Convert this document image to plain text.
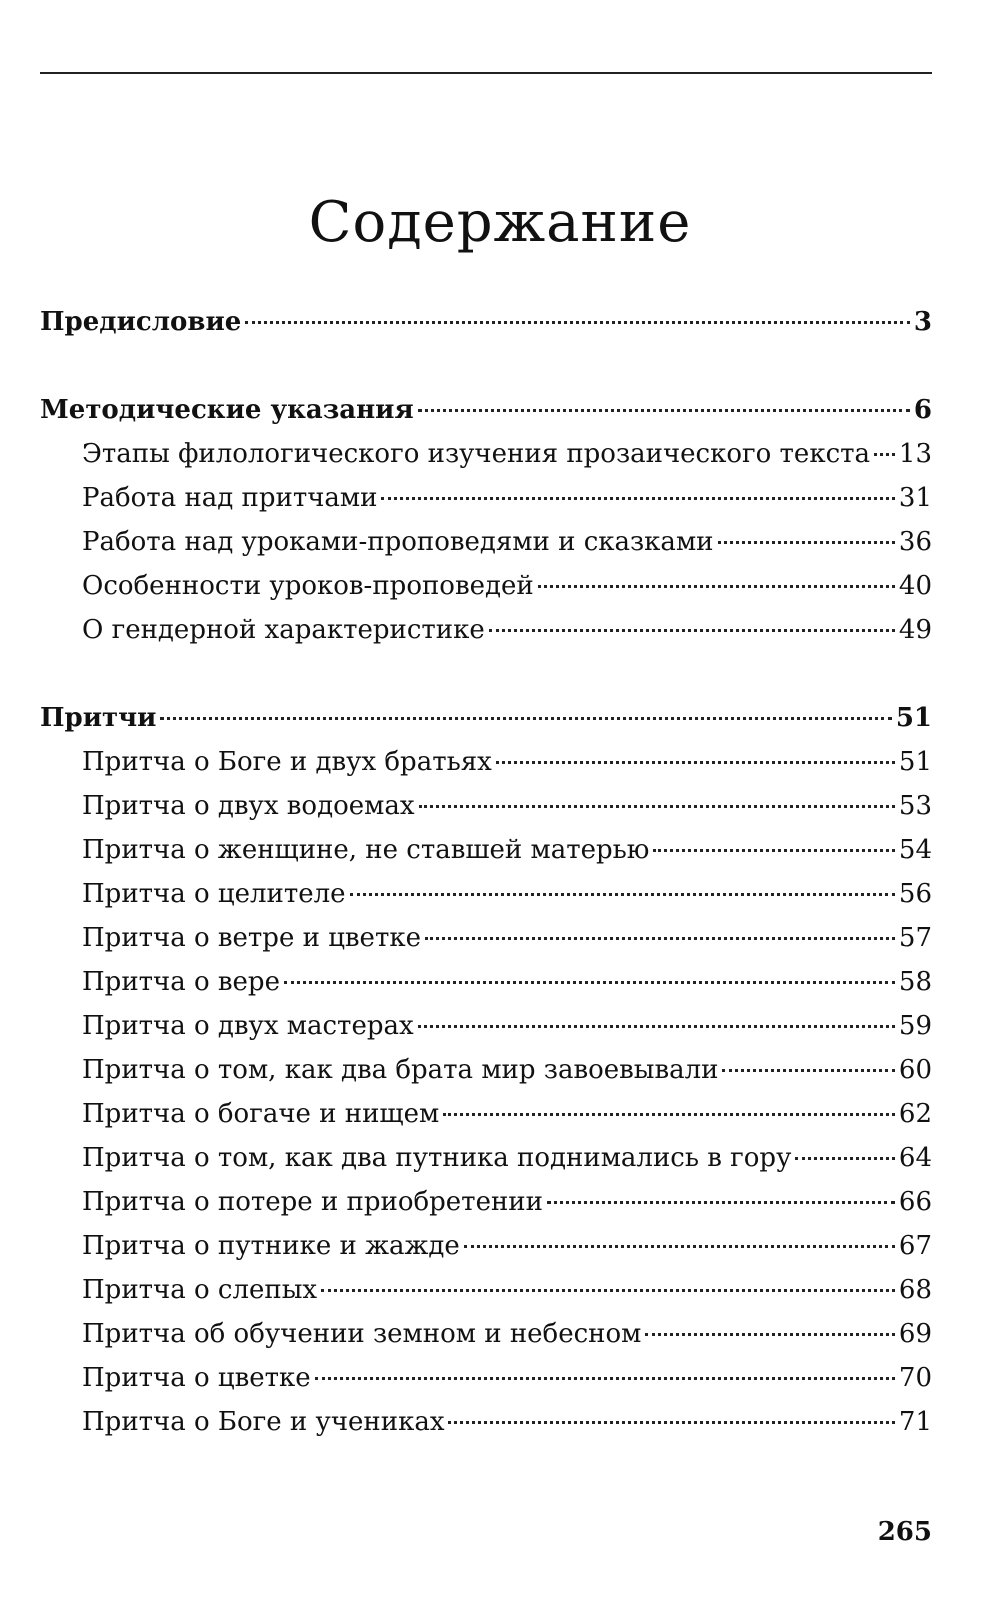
Содержание
Предисловие	3
Методические указания	6
Этапы филологического изучения прозаического текста 13
Работа над притчами	31
Работа над уроками-проповедями и сказками	36
Особенности уроков-проповедей	40
О гендерной характеристике	49
Притчи	51
Притча о Боге и двух братьях	51
Притча о двух водоемах	53
Притча о женщине, не ставшей матерью	54
Притча о целителе	56
Притча о ветре и цветке	57
Притча о вере	58
Притча о двух мастерах	59
Притча о том, как два брата мир завоевывали	60
Притча о богаче и нищем	62
Притча о том, как два путника поднимались в гору	64
Притча о потере и приобретении	66
Притча о путнике и жажде	67
Притча о слепых	68
Притча об обучении земном и небесном	69
Притча о цветке	70
Притча о Боге и учениках	71
265
